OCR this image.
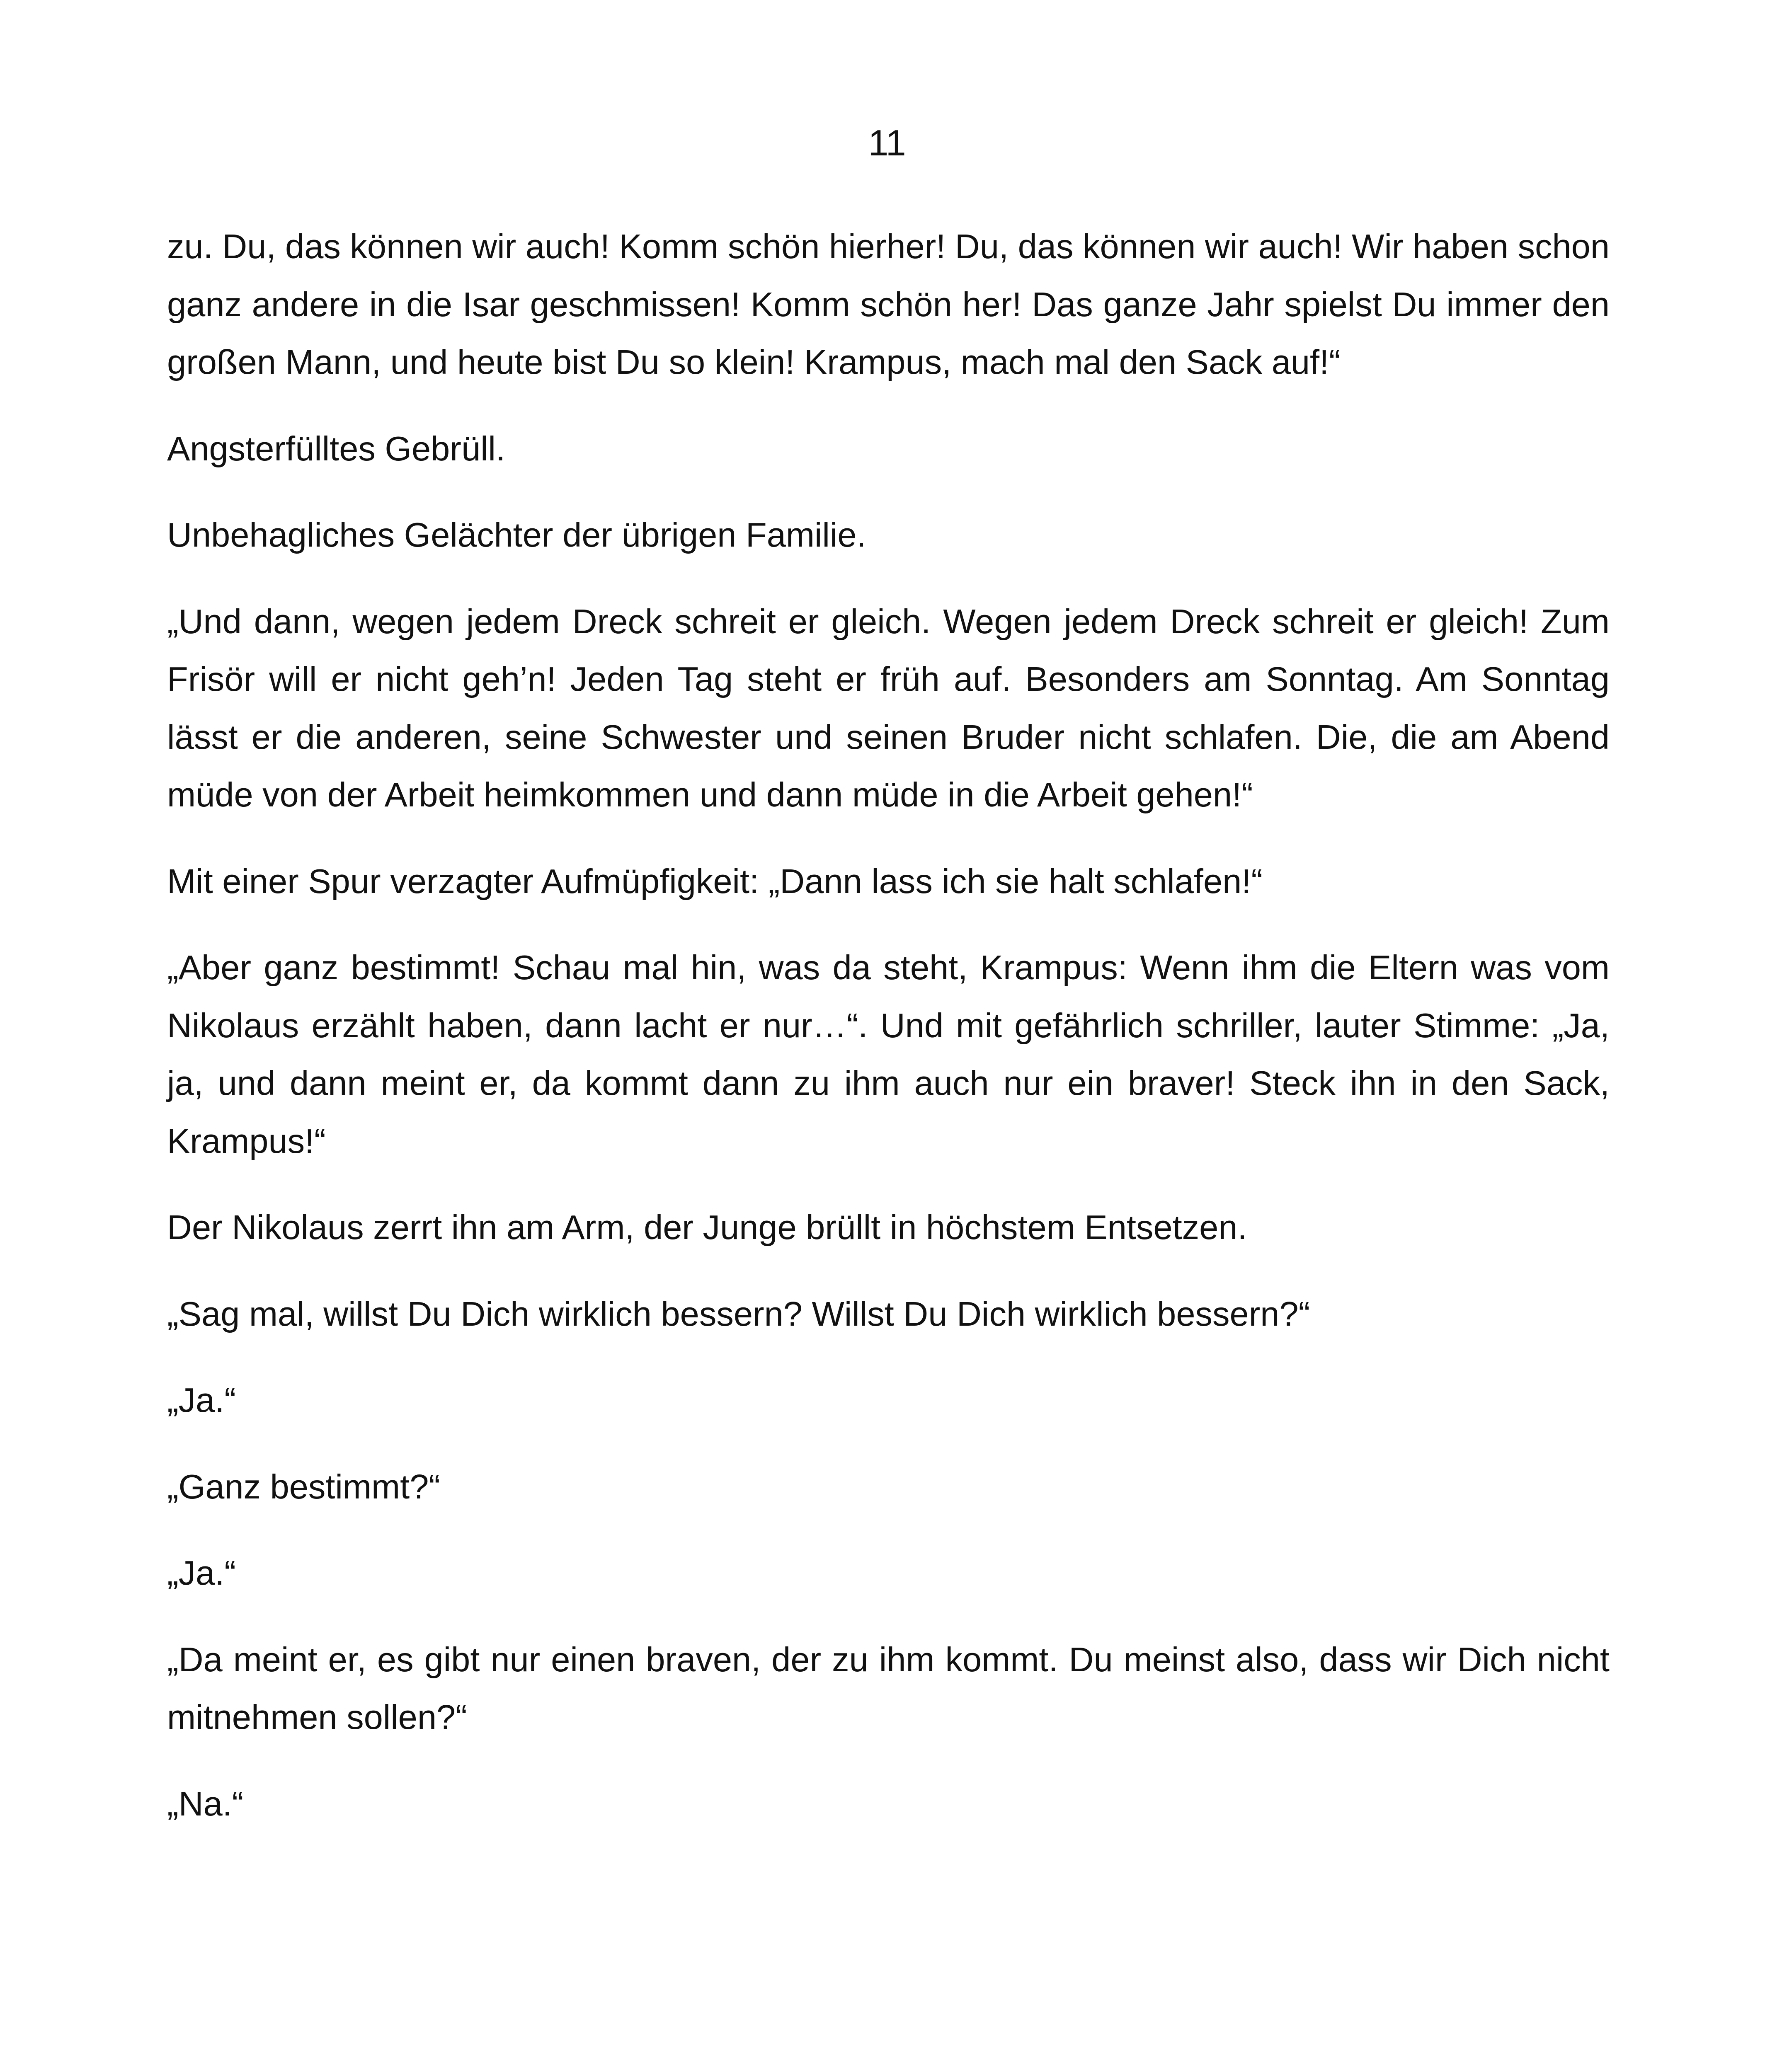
11

zu. Du, das können wir auch! Komm schön hierher! Du, das können wir auch! Wir haben schon ganz andere in die Isar geschmissen! Komm schön her! Das ganze Jahr spielst Du immer den großen Mann, und heute bist Du so klein! Krampus, mach mal den Sack auf!“

Angsterfülltes Gebrüll.

Unbehagliches Gelächter der übrigen Familie.

„Und dann, wegen jedem Dreck schreit er gleich. Wegen jedem Dreck schreit er gleich! Zum Frisör will er nicht geh’n! Jeden Tag steht er früh auf. Besonders am Sonntag. Am Sonntag lässt er die anderen, seine Schwester und seinen Bruder nicht schlafen. Die, die am Abend müde von der Arbeit heimkommen und dann müde in die Arbeit gehen!“

Mit einer Spur verzagter Aufmüpfigkeit: „Dann lass ich sie halt schlafen!“

„Aber ganz bestimmt! Schau mal hin, was da steht, Krampus: Wenn ihm die Eltern was vom Nikolaus erzählt haben, dann lacht er nur…“. Und mit gefährlich schriller, lauter Stimme: „Ja, ja, und dann meint er, da kommt dann zu ihm auch nur ein braver! Steck ihn in den Sack, Krampus!“

Der Nikolaus zerrt ihn am Arm, der Junge brüllt in höchstem Entsetzen.

„Sag mal, willst Du Dich wirklich bessern? Willst Du Dich wirklich bessern?“

„Ja.“

„Ganz bestimmt?“

„Ja.“

„Da meint er, es gibt nur einen braven, der zu ihm kommt. Du meinst also, dass wir Dich nicht mitnehmen sollen?“

„Na.“
